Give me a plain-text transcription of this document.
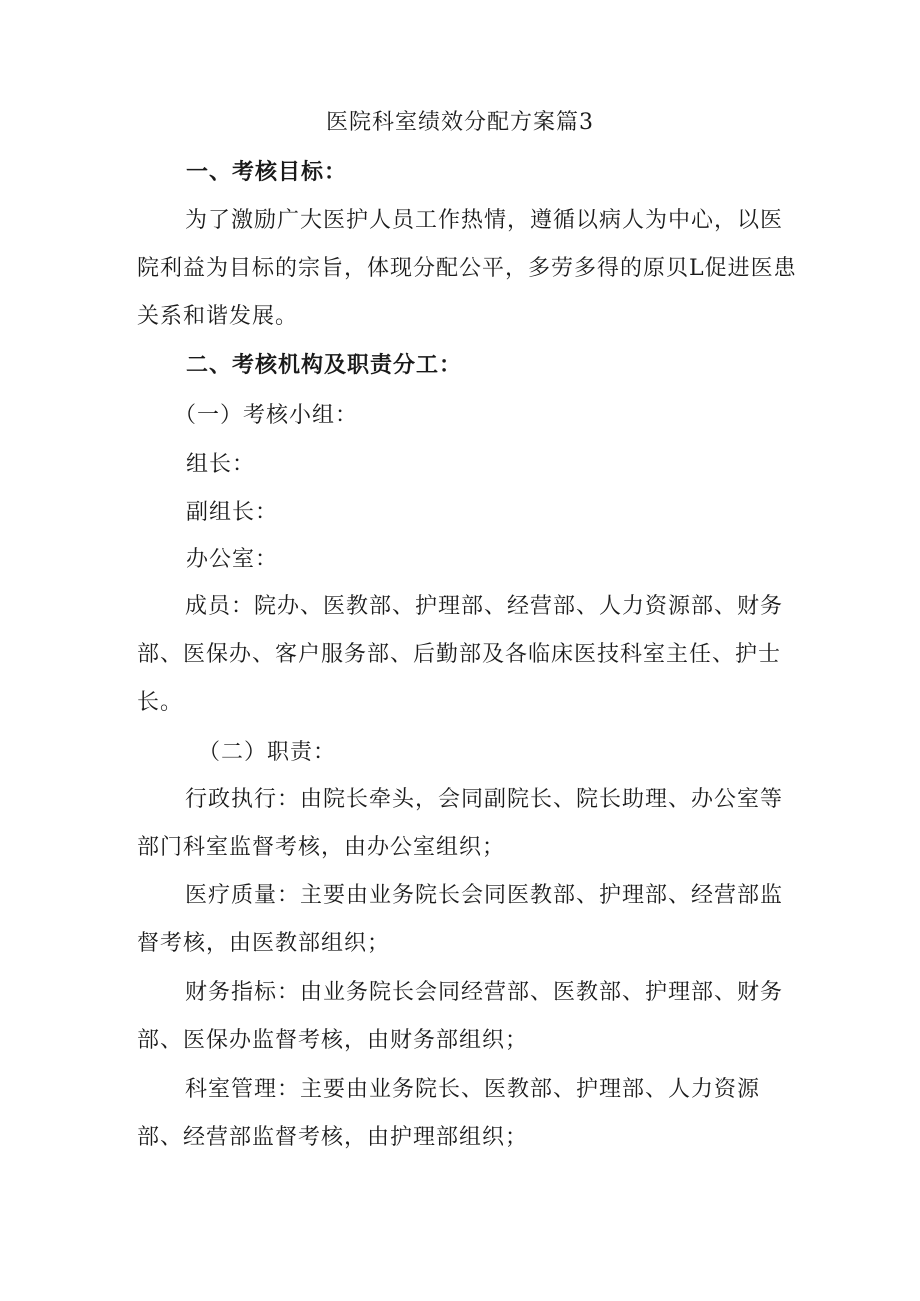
医院科室绩效分配方案篇3
一、考核目标：

为了激励广大医护人员工作热情，遵循以病人为中心，以医院利益为目标的宗旨，体现分配公平，多劳多得的原贝L促进医患关系和谐发展。

二、考核机构及职责分工：
（一）考核小组：
组长：
副组长：
办公室：

成员：院办、医教部、护理部、经营部、人力资源部、财务部、医保办、客户服务部、后勤部及各临床医技科室主任、护士长。

（二）职责：

行政执行：由院长牵头，会同副院长、院长助理、办公室等部门科室监督考核，由办公室组织；

医疗质量：主要由业务院长会同医教部、护理部、经营部监督考核，由医教部组织；

财务指标：由业务院长会同经营部、医教部、护理部、财务部、医保办监督考核，由财务部组织；

科室管理：主要由业务院长、医教部、护理部、人力资源部、经营部监督考核，由护理部组织；
